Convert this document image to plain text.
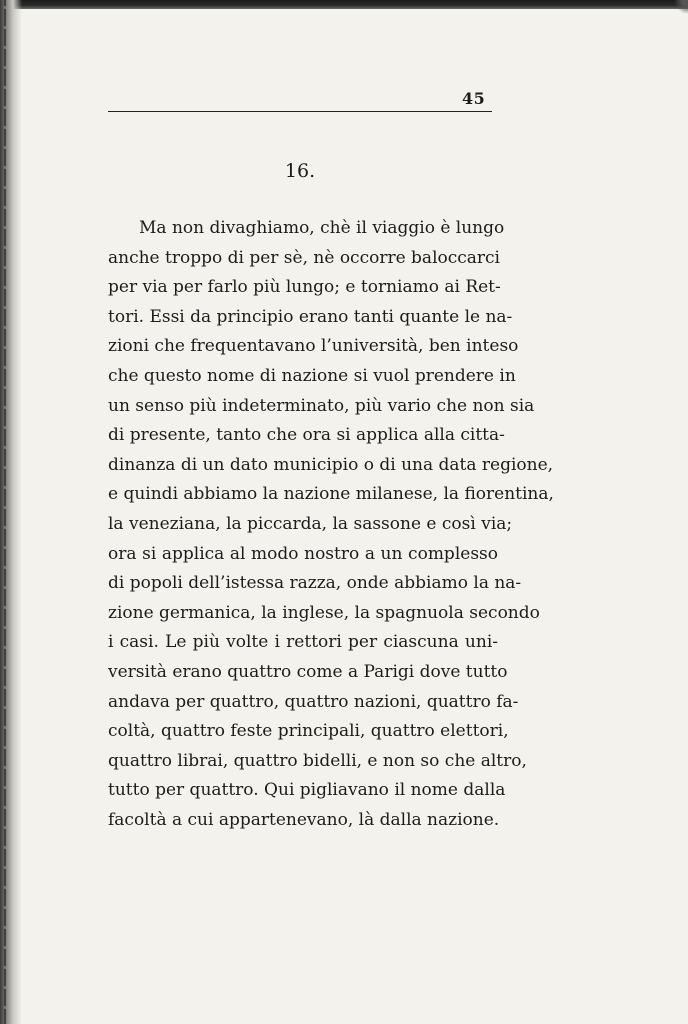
45
16.
Ma non divaghiamo, chè il viaggio è lungo
anche troppo di per sè, nè occorre baloccarci
per via per farlo più lungo; e torniamo ai Ret-
tori. Essi da principio erano tanti quante le na-
zioni che frequentavano l’università, ben inteso
che questo nome di nazione si vuol prendere in
un senso più indeterminato, più vario che non sia
di presente, tanto che ora si applica alla citta-
dinanza di un dato municipio o di una data regione,
e quindi abbiamo la nazione milanese, la fiorentina,
la veneziana, la piccarda, la sassone e così via;
ora si applica al modo nostro a un complesso
di popoli dell’istessa razza, onde abbiamo la na-
zione germanica, la inglese, la spagnuola secondo
i casi. Le più volte i rettori per ciascuna uni-
versità erano quattro come a Parigi dove tutto
andava per quattro, quattro nazioni, quattro fa-
coltà, quattro feste principali, quattro elettori,
quattro librai, quattro bidelli, e non so che altro,
tutto per quattro. Qui pigliavano il nome dalla
facoltà a cui appartenevano, là dalla nazione.
